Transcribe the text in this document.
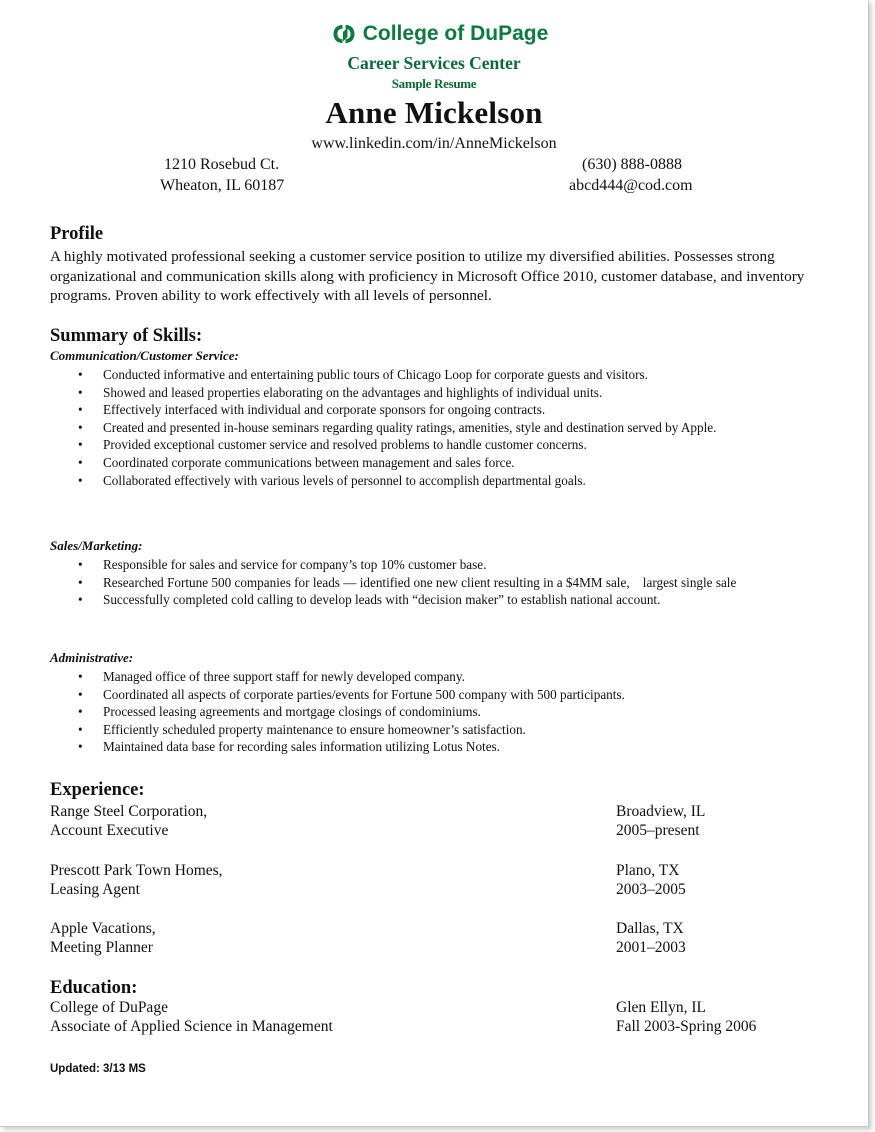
College of DuPage
Career Services Center
Sample Resume
Anne Mickelson
www.linkedin.com/in/AnneMickelson
1210 Rosebud Ct.
Wheaton, IL 60187
(630) 888-0888
abcd444@cod.com
Profile
A highly motivated professional seeking a customer service position to utilize my diversified abilities. Possesses strong organizational and communication skills along with proficiency in Microsoft Office 2010, customer database, and inventory programs. Proven ability to work effectively with all levels of personnel.
Summary of Skills:
Communication/Customer Service:
• Conducted informative and entertaining public tours of Chicago Loop for corporate guests and visitors.
• Showed and leased properties elaborating on the advantages and highlights of individual units.
• Effectively interfaced with individual and corporate sponsors for ongoing contracts.
• Created and presented in-house seminars regarding quality ratings, amenities, style and destination served by Apple.
• Provided exceptional customer service and resolved problems to handle customer concerns.
• Coordinated corporate communications between management and sales force.
• Collaborated effectively with various levels of personnel to accomplish departmental goals.
Sales/Marketing:
• Responsible for sales and service for company’s top 10% customer base.
• Researched Fortune 500 companies for leads — identified one new client resulting in a $4MM sale,    largest single sale
• Successfully completed cold calling to develop leads with “decision maker” to establish national account.
Administrative:
• Managed office of three support staff for newly developed company.
• Coordinated all aspects of corporate parties/events for Fortune 500 company with 500 participants.
• Processed leasing agreements and mortgage closings of condominiums.
• Efficiently scheduled property maintenance to ensure homeowner’s satisfaction.
• Maintained data base for recording sales information utilizing Lotus Notes.
Experience:
Range Steel Corporation,
Account Executive
Broadview, IL
2005–present
Prescott Park Town Homes,
Leasing Agent
Plano, TX
2003–2005
Apple Vacations,
Meeting Planner
Dallas, TX
2001–2003
Education:
College of DuPage
Associate of Applied Science in Management
Glen Ellyn, IL
Fall 2003-Spring 2006
Updated: 3/13 MS
